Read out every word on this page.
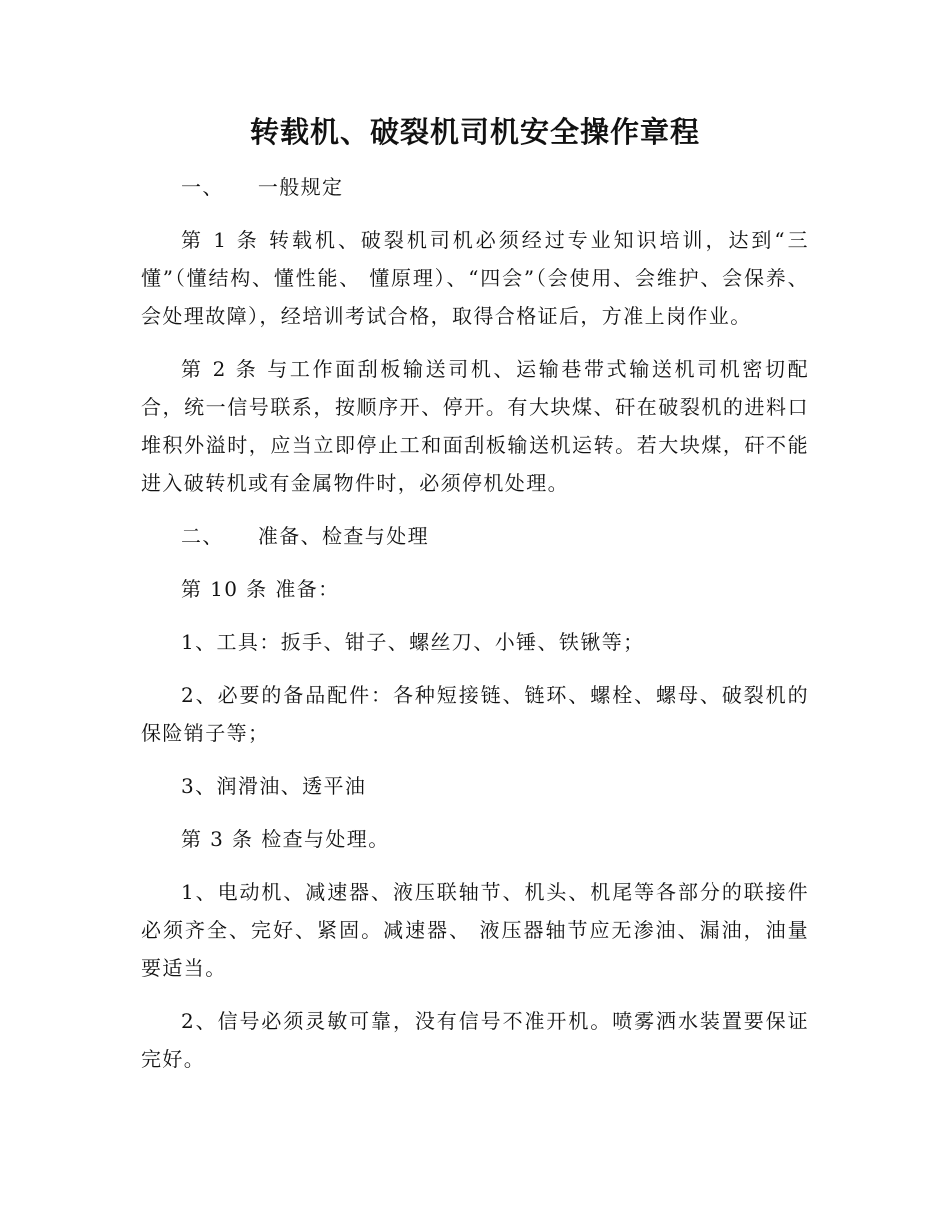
转载机、破裂机司机安全操作章程
一、 一般规定

第 1 条 转载机、破裂机司机必须经过专业知识培训，达到“三懂”（懂结构、懂性能、 懂原理）、“四会”（会使用、会维护、会保养、会处理故障），经培训考试合格，取得合格证后，方准上岗作业。

第 2 条 与工作面刮板输送司机、运输巷带式输送机司机密切配合，统一信号联系，按顺序开、停开。有大块煤、矸在破裂机的进料口堆积外溢时，应当立即停止工和面刮板输送机运转。若大块煤，矸不能进入破转机或有金属物件时，必须停机处理。

二、 准备、检查与处理

第 10 条 准备：

1、工具：扳手、钳子、螺丝刀、小锤、铁锹等；

2、必要的备品配件：各种短接链、链环、螺栓、螺母、破裂机的保险销子等；

3、润滑油、透平油

第 3 条 检查与处理。

1、电动机、减速器、液压联轴节、机头、机尾等各部分的联接件必须齐全、完好、紧固。减速器、 液压器轴节应无渗油、漏油，油量要适当。

2、信号必须灵敏可靠，没有信号不准开机。喷雾洒水装置要保证完好。
